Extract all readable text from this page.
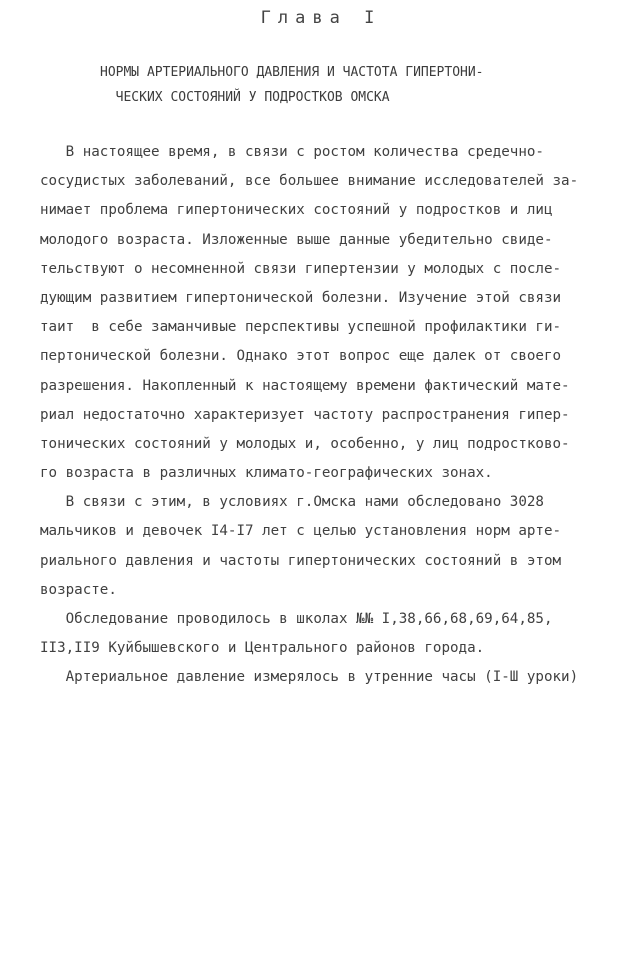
Глава I
НОРМЫ АРТЕРИАЛЬНОГО ДАВЛЕНИЯ И ЧАСТОТА ГИПЕРТОНИ-
ЧЕСКИХ СОСТОЯНИЙ У ПОДРОСТКОВ ОМСКА
В настоящее время, в связи с ростом количества средечно-
сосудистых заболеваний, все большее внимание исследователей за-
нимает проблема гипертонических состояний у подростков и лиц
молодого возраста. Изложенные выше данные убедительно свиде-
тельствуют о несомненной связи гипертензии у молодых с после-
дующим развитием гипертонической болезни. Изучение этой связи
таит  в себе заманчивые перспективы успешной профилактики ги-
пертонической болезни. Однако этот вопрос еще далек от своего
разрешения. Накопленный к настоящему времени фактический мате-
риал недостаточно характеризует частоту распространения гипер-
тонических состояний у молодых и, особенно, у лиц подростково-
го возраста в различных климато-географических зонах.
В связи с этим, в условиях г.Омска нами обследовано 3028
мальчиков и девочек I4-I7 лет с целью установления норм арте-
риального давления и частоты гипертонических состояний в этом
возрасте.
Обследование проводилось в школах №№ I,38,66,68,69,64,85,
II3,II9 Куйбышевского и Центрального районов города.
Артериальное давление измерялось в утренние часы (I-Ш уроки)
